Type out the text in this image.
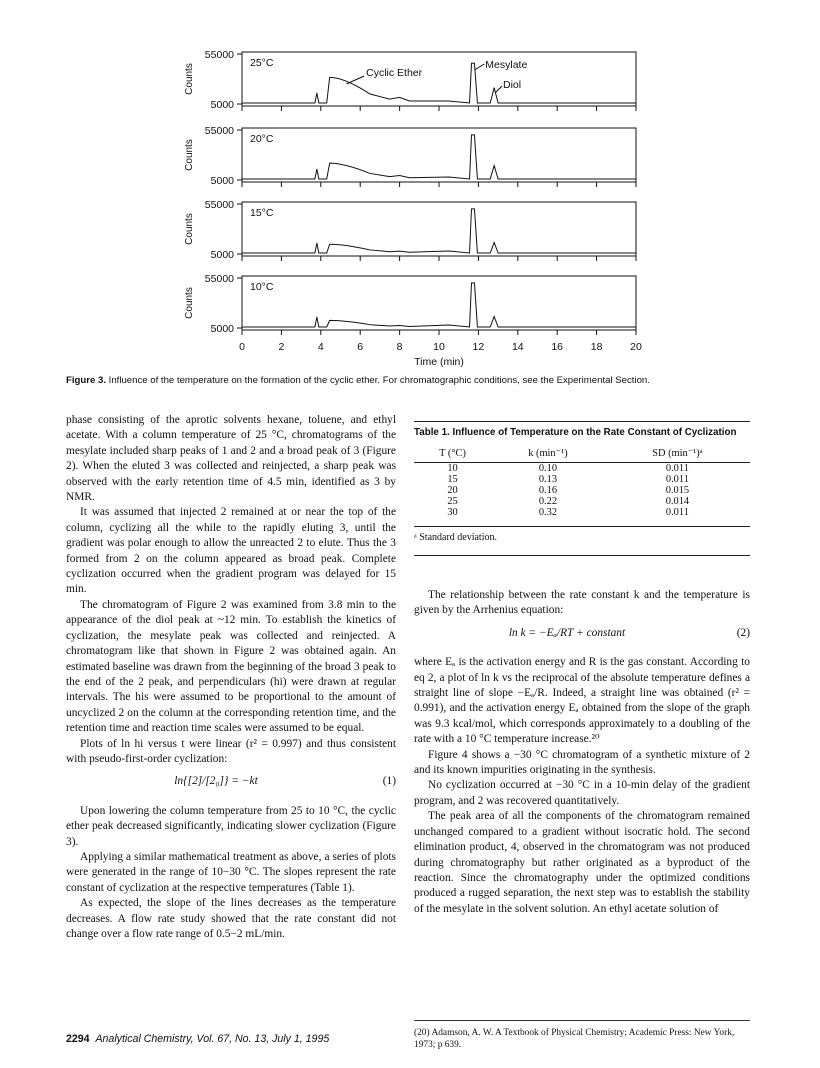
55000
5000
Counts
25°C
Cyclic Ether
Mesylate
Diol
55000
5000
Counts
20°C
55000
5000
Counts
15°C
55000
5000
Counts
10°C
0	2	4	6	8	10	12	14	16	18	20
Time (min)
Figure 3. Influence of the temperature on the formation of the cyclic ether. For chromatographic conditions, see the Experimental Section.

phase consisting of the aprotic solvents hexane, toluene, and ethyl acetate. With a column temperature of 25 °C, chromatograms of the mesylate included sharp peaks of 1 and 2 and a broad peak of 3 (Figure 2). When the eluted 3 was collected and reinjected, a sharp peak was observed with the early retention time of 4.5 min, identified as 3 by NMR.

It was assumed that injected 2 remained at or near the top of the column, cyclizing all the while to the rapidly eluting 3, until the gradient was polar enough to allow the unreacted 2 to elute. Thus the 3 formed from 2 on the column appeared as broad peak. Complete cyclization occurred when the gradient program was delayed for 15 min.

The chromatogram of Figure 2 was examined from 3.8 min to the appearance of the diol peak at ~12 min. To establish the kinetics of cyclization, the mesylate peak was collected and reinjected. A chromatogram like that shown in Figure 2 was obtained again. An estimated baseline was drawn from the beginning of the broad 3 peak to the end of the 2 peak, and perpendiculars (hi) were drawn at regular intervals. The his were assumed to be proportional to the amount of uncyclized 2 on the column at the corresponding retention time, and the retention time and reaction time scales were assumed to be equal.

Plots of ln hi versus t were linear (r² = 0.997) and thus consistent with pseudo-first-order cyclization:

ln{[2]/[2₀]} = −kt	(1)

Upon lowering the column temperature from 25 to 10 °C, the cyclic ether peak decreased significantly, indicating slower cyclization (Figure 3).

Applying a similar mathematical treatment as above, a series of plots were generated in the range of 10−30 °C. The slopes represent the rate constant of cyclization at the respective temperatures (Table 1).

As expected, the slope of the lines decreases as the temperature decreases. A flow rate study showed that the rate constant did not change over a flow rate range of 0.5−2 mL/min.

Table 1. Influence of Temperature on the Rate Constant of Cyclization
T (°C)	k (min⁻¹)	SD (min⁻¹)ᵃ
10	0.10	0.011
15	0.13	0.011
20	0.16	0.015
25	0.22	0.014
30	0.32	0.011
ᵃ Standard deviation.

The relationship between the rate constant k and the temperature is given by the Arrhenius equation:

ln k = −Eₐ/RT + constant	(2)

where Eₐ is the activation energy and R is the gas constant. According to eq 2, a plot of ln k vs the reciprocal of the absolute temperature defines a straight line of slope −Eₐ/R. Indeed, a straight line was obtained (r² = 0.991), and the activation energy Eₐ obtained from the slope of the graph was 9.3 kcal/mol, which corresponds approximately to a doubling of the rate with a 10 °C temperature increase.²⁰

Figure 4 shows a −30 °C chromatogram of a synthetic mixture of 2 and its known impurities originating in the synthesis.

No cyclization occurred at −30 °C in a 10-min delay of the gradient program, and 2 was recovered quantitatively.

The peak area of all the components of the chromatogram remained unchanged compared to a gradient without isocratic hold. The second elimination product, 4, observed in the chromatogram was not produced during chromatography but rather originated as a byproduct of the reaction. Since the chromatography under the optimized conditions produced a rugged separation, the next step was to establish the stability of the mesylate in the solvent solution. An ethyl acetate solution of

(20) Adamson, A. W. A Textbook of Physical Chemistry; Academic Press: New York, 1973; p 639.
2294 Analytical Chemistry, Vol. 67, No. 13, July 1, 1995
